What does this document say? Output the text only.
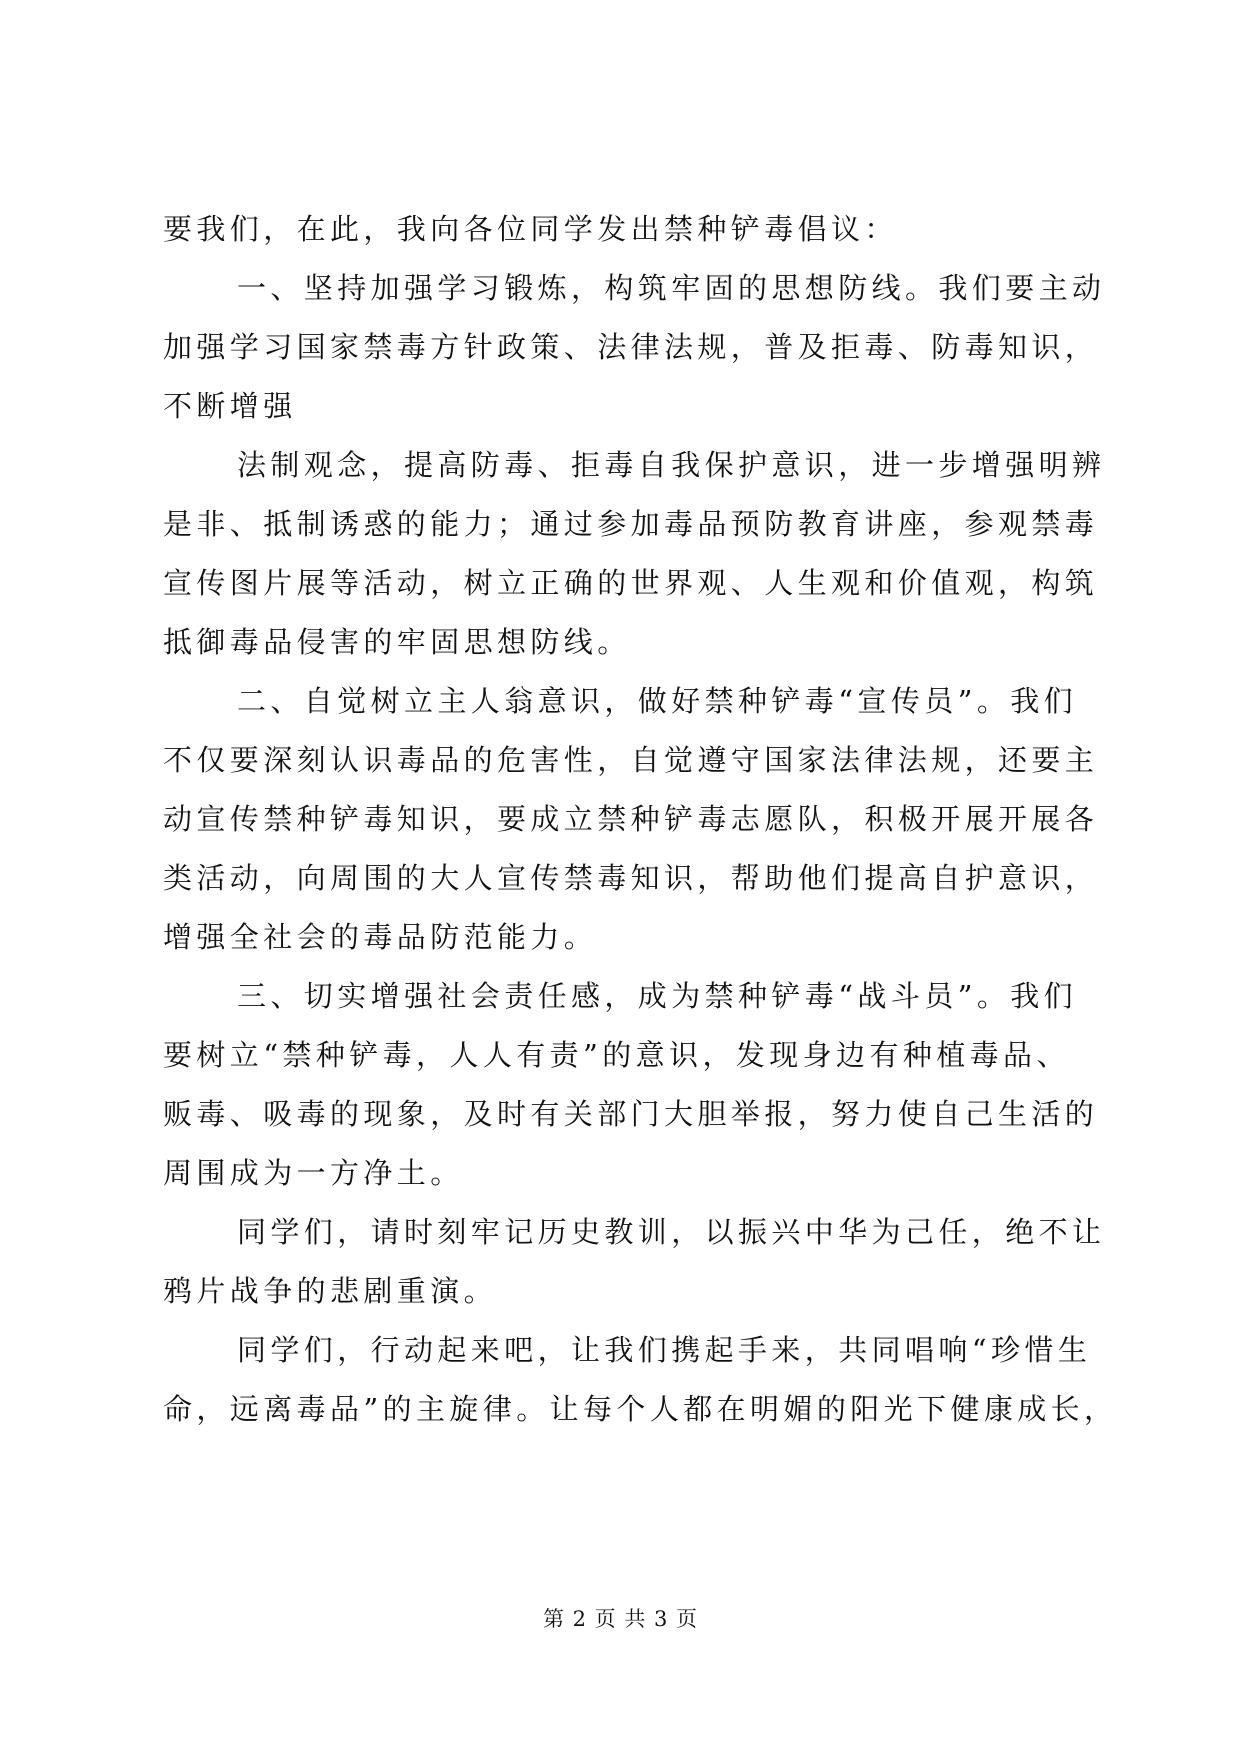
要我们，在此，我向各位同学发出禁种铲毒倡议：
一、坚持加强学习锻炼，构筑牢固的思想防线。我们要主动
加强学习国家禁毒方针政策、法律法规，普及拒毒、防毒知识，
不断增强
法制观念，提高防毒、拒毒自我保护意识，进一步增强明辨
是非、抵制诱惑的能力；通过参加毒品预防教育讲座，参观禁毒
宣传图片展等活动，树立正确的世界观、人生观和价值观，构筑
抵御毒品侵害的牢固思想防线。
二、自觉树立主人翁意识，做好禁种铲毒“宣传员”。我们
不仅要深刻认识毒品的危害性，自觉遵守国家法律法规，还要主
动宣传禁种铲毒知识，要成立禁种铲毒志愿队，积极开展开展各
类活动，向周围的大人宣传禁毒知识，帮助他们提高自护意识，
增强全社会的毒品防范能力。
三、切实增强社会责任感，成为禁种铲毒“战斗员”。我们
要树立“禁种铲毒，人人有责”的意识，发现身边有种植毒品、
贩毒、吸毒的现象，及时有关部门大胆举报，努力使自己生活的
周围成为一方净土。
同学们，请时刻牢记历史教训，以振兴中华为己任，绝不让
鸦片战争的悲剧重演。
同学们，行动起来吧，让我们携起手来，共同唱响“珍惜生
命，远离毒品”的主旋律。让每个人都在明媚的阳光下健康成长，
第 2 页 共 3 页
